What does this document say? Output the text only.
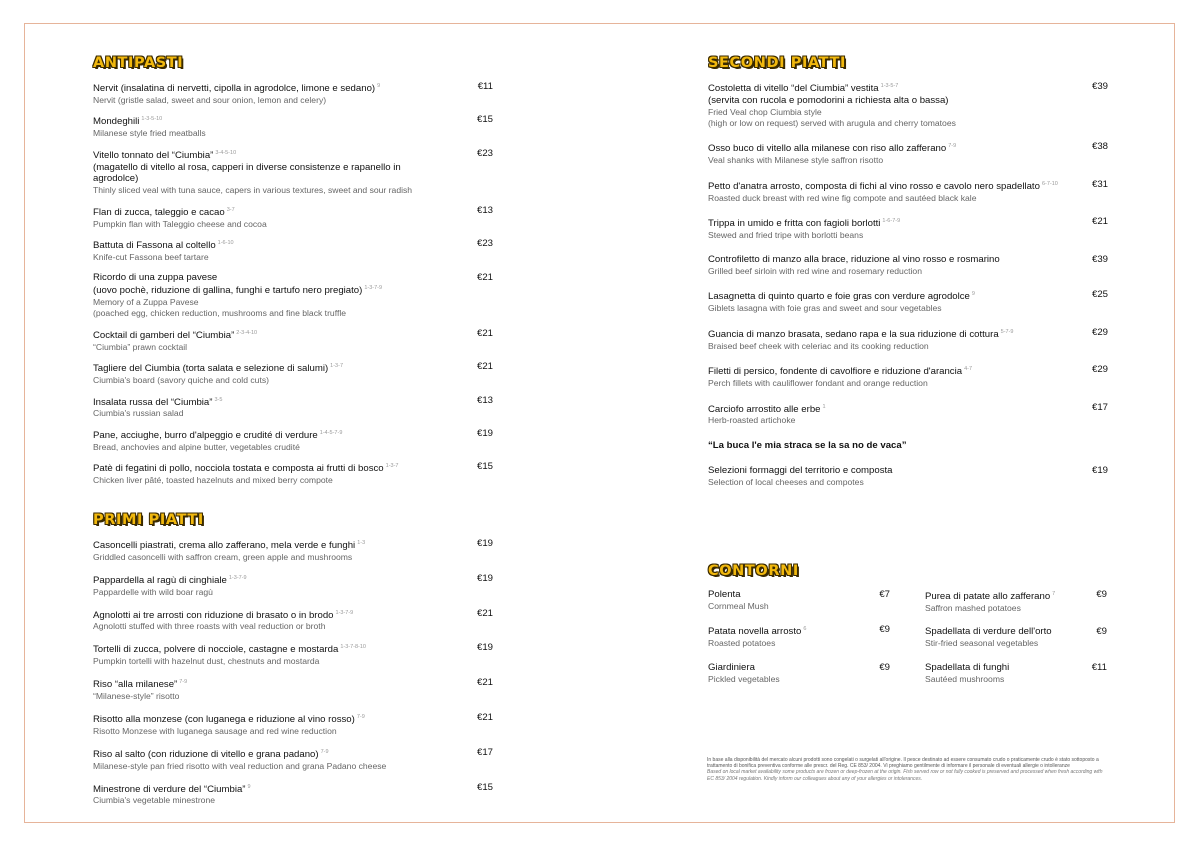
ANTIPASTI
Nervit (insalatina di nervetti, cipolla in agrodolce, limone e sedano) $^9$
Nervit (gristle salad, sweet and sour onion, lemon and celery)
€11
Mondeghili $^{1-3-5-10}$
Milanese style fried meatballs
€15
Vitello tonnato del “Ciumbia” $^{3-4-5-10}$
(magatello di vitello al rosa, capperi in diverse consistenze e rapanello in agrodolce)
Thinly sliced veal with tuna sauce, capers in various textures, sweet and sour radish
€23
Flan di zucca, taleggio e cacao $^{3-7}$
Pumpkin flan with Taleggio cheese and cocoa
€13
Battuta di Fassona al coltello $^{1-6-10}$
Knife-cut Fassona beef tartare
€23
Ricordo di una zuppa pavese
(uovo pochè, riduzione di gallina, funghi e tartufo nero pregiato) $^{1-3-7-9}$
Memory of a Zuppa Pavese
(poached egg, chicken reduction, mushrooms and fine black truffle
€21
Cocktail di gamberi del “Ciumbia” $^{2-3-4-10}$
“Ciumbia” prawn cocktail
€21
Tagliere del Ciumbia (torta salata e selezione di salumi) $^{1-3-7}$
Ciumbia's board (savory quiche and cold cuts)
€21
Insalata russa del “Ciumbia” $^{3-5}$
Ciumbia's russian salad
€13
Pane, acciughe, burro d'alpeggio e crudité di verdure $^{1-4-5-7-9}$
Bread, anchovies and alpine butter, vegetables crudité
€19
Patè di fegatini di pollo, nocciola tostata e composta ai frutti di bosco $^{1-3-7}$
Chicken liver pâté, toasted hazelnuts and mixed berry compote
€15
PRIMI PIATTI
Casoncelli piastrati, crema allo zafferano, mela verde e funghi $^{1-3}$
Griddled casoncelli with saffron cream, green apple and mushrooms
€19
Pappardella al ragù di cinghiale $^{1-3-7-9}$
Pappardelle with wild boar ragù
€19
Agnolotti ai tre arrosti con riduzione di brasato o in brodo $^{1-3-7-9}$
Agnolotti stuffed with three roasts with veal reduction or broth
€21
Tortelli di zucca, polvere di nocciole, castagne e mostarda $^{1-3-7-8-10}$
Pumpkin tortelli with hazelnut dust, chestnuts and mostarda
€19
Riso “alla milanese” $^{7-9}$
“Milanese-style” risotto
€21
Risotto alla monzese (con luganega e riduzione al vino rosso) $^{7-9}$
Risotto Monzese with luganega sausage and red wine reduction
€21
Riso al salto (con riduzione di vitello e grana padano) $^{7-9}$
Milanese-style pan fried risotto with veal reduction and grana Padano cheese
€17
Minestrone di verdure del “Ciumbia” $^9$
Ciumbia's vegetable minestrone
€15
SECONDI PIATTI
Costoletta di vitello “del Ciumbia” vestita $^{1-3-5-7}$
(servita con rucola e pomodorini a richiesta alta o bassa)
Fried Veal chop Ciumbia style
(high or low on request) served with arugula and cherry tomatoes
€39
Osso buco di vitello alla milanese con riso allo zafferano $^{7-9}$
Veal shanks with Milanese style saffron risotto
€38
Petto d'anatra arrosto, composta di fichi al vino rosso e cavolo nero spadellato $^{6-7-10}$
Roasted duck breast with red wine fig compote and sautéed black kale
€31
Trippa in umido e fritta con fagioli borlotti $^{1-6-7-9}$
Stewed and fried tripe with borlotti beans
€21
Controfiletto di manzo alla brace, riduzione al vino rosso e rosmarino
Grilled beef sirloin with red wine and rosemary reduction
€39
Lasagnetta di quinto quarto e foie gras con verdure agrodolce $^9$
Giblets lasagna with foie gras and sweet and sour vegetables
€25
Guancia di manzo brasata, sedano rapa e la sua riduzione di cottura $^{5-7-9}$
Braised beef cheek with celeriac and its cooking reduction
€29
Filetti di persico, fondente di cavolfiore e riduzione d'arancia $^{4-7}$
Perch fillets with cauliflower fondant and orange reduction
€29
Carciofo arrostito alle erbe $^1$
Herb-roasted artichoke
€17
“La buca l'e mia straca se la sa no de vaca”
Selezioni formaggi del territorio e composta
Selection of local cheeses and compotes
€19
CONTORNI
Polenta
Cornmeal Mush
€7
Patata novella arrosto $^6$
Roasted potatoes
€9
Giardiniera
Pickled vegetables
€9
Purea di patate allo zafferano $^7$
Saffron mashed potatoes
€9
Spadellata di verdure dell'orto
Stir-fried seasonal vegetables
€9
Spadellata di funghi
Sautéed mushrooms
€11
In base alla disponibilità del mercato alcuni prodotti sono congelati o surgelati all'origine. Il pesce destinato ad essere consumato crudo o praticamente crudo è stato sottoposto a trattamento di bonifica preventiva conforme alle prescr. del Reg. CE 853/ 2004. Vi preghiamo gentilmente di informare il personale di eventuali allergie o intolleranze
Based on local market availability some products are frozen or deep-frozen at the origin. Fish served row or not fully cooked is preserved and processed when fresh according with EC 853/ 2004 regulation. Kindly inform our colleagues about any of your allergies or intolerances.
